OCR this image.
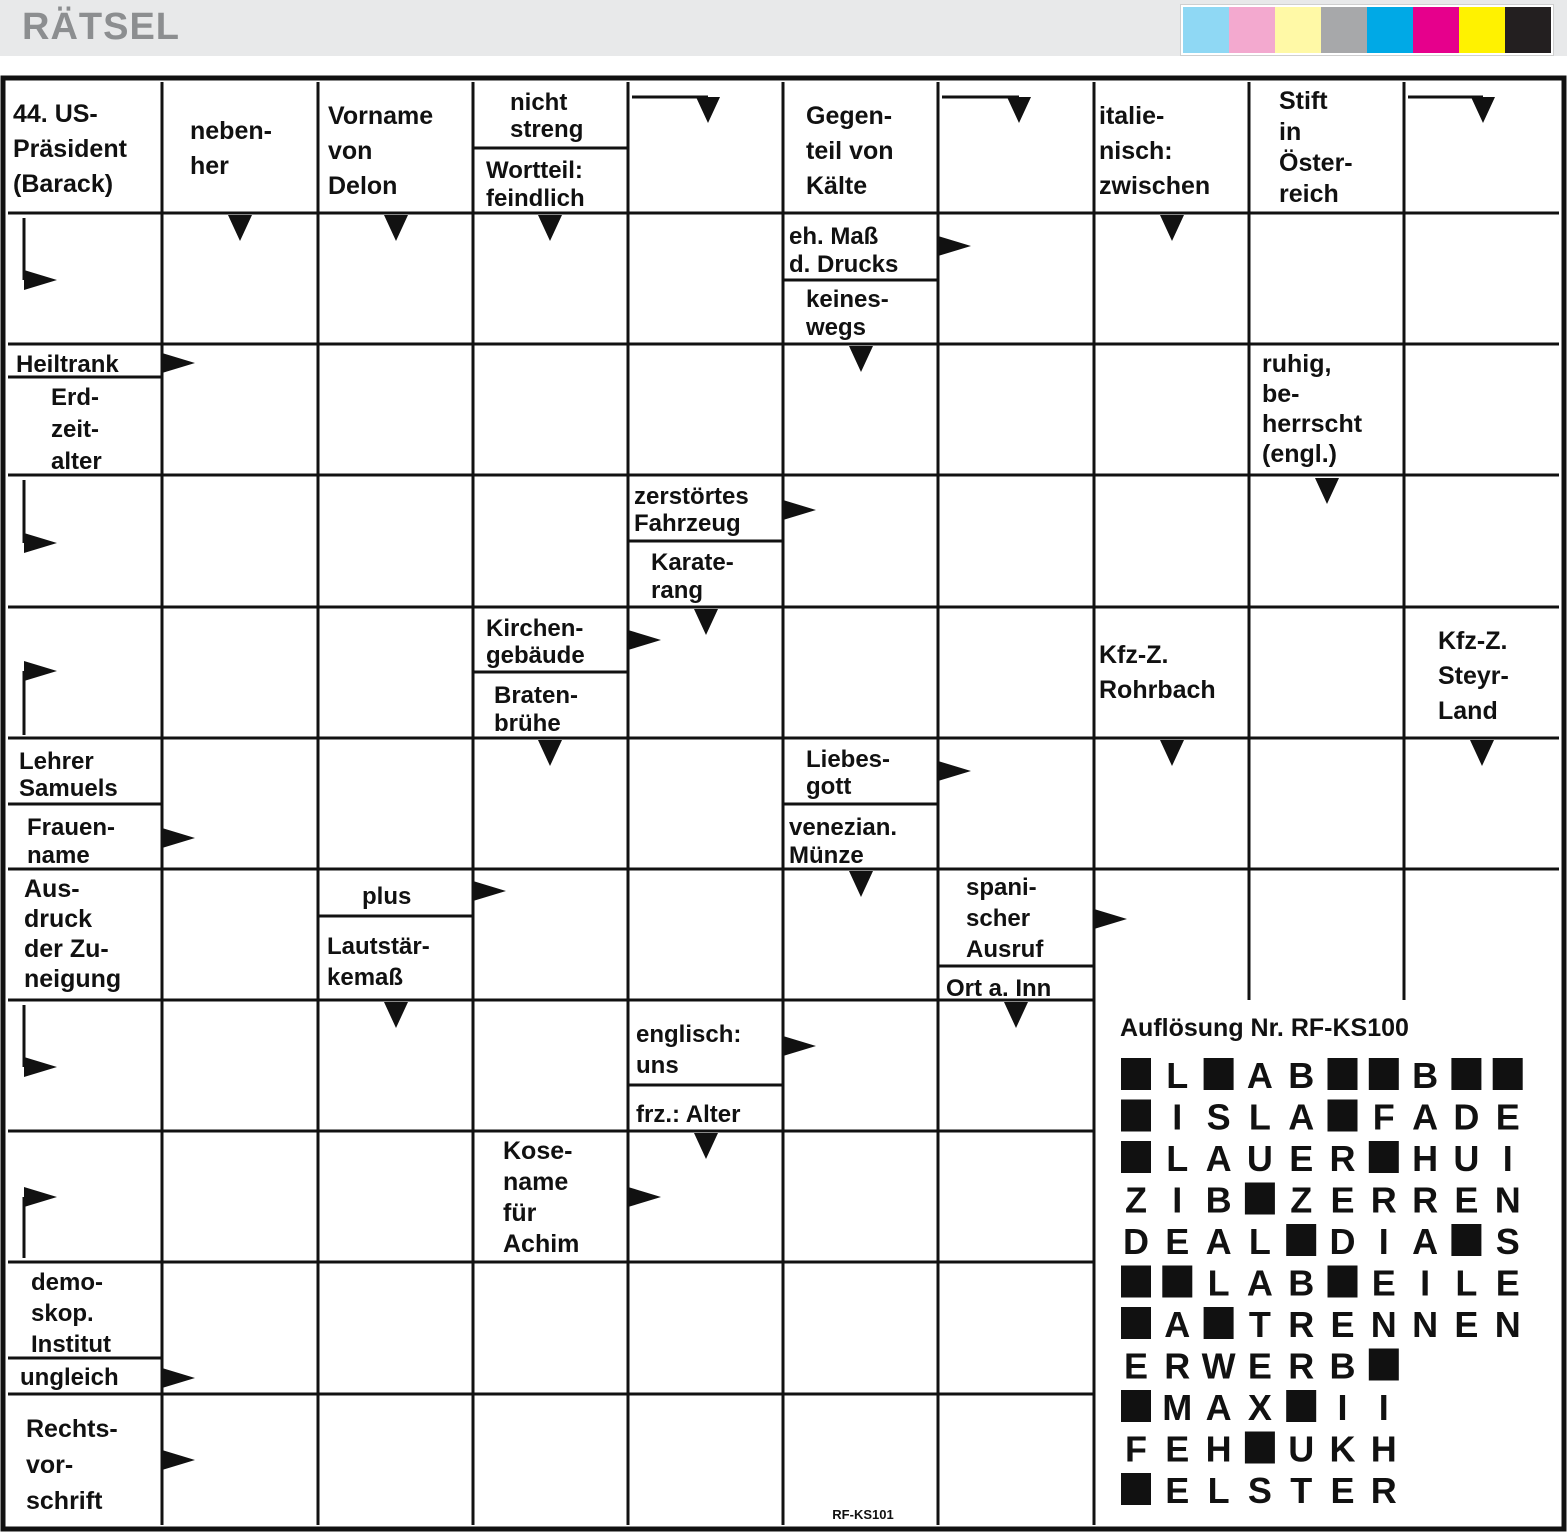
RÄTSEL
44. US-Präsident (Barack)
neben-her
Vorname von Delon
nicht streng
Wortteil: feindlich
Gegen-teil von Kälte
italie-nisch: zwischen
Stift in Öster-reich
eh. Maß d. Drucks
keines-wegs
Heiltrank
Erd-zeit-alter
ruhig, be-herrscht (engl.)
zerstörtes Fahrzeug
Karate-rang
Kirchen-gebäude
Braten-brühe
Kfz-Z. Rohrbach
Kfz-Z. Steyr-Land
Lehrer Samuels
Frauen-name
Liebes-gott
venezian. Münze
Aus-druck der Zu-neigung
plus
Lautstär-kemaß
spani-scher Ausruf
Ort a. Inn
englisch: uns
frz.: Alter
Kose-name für Achim
demo-skop. Institut
ungleich
Rechts-vor-schrift
Auflösung Nr. RF-KS100
L A B	B
I S L A F A D E
L A U E R H U I
Z I B Z E R R E N
D E A L D I A S
L A B E I L E
A T R E N N E N
E R W E R B
M A X I I
F E H U K H
E L S T E R
RF-KS101
